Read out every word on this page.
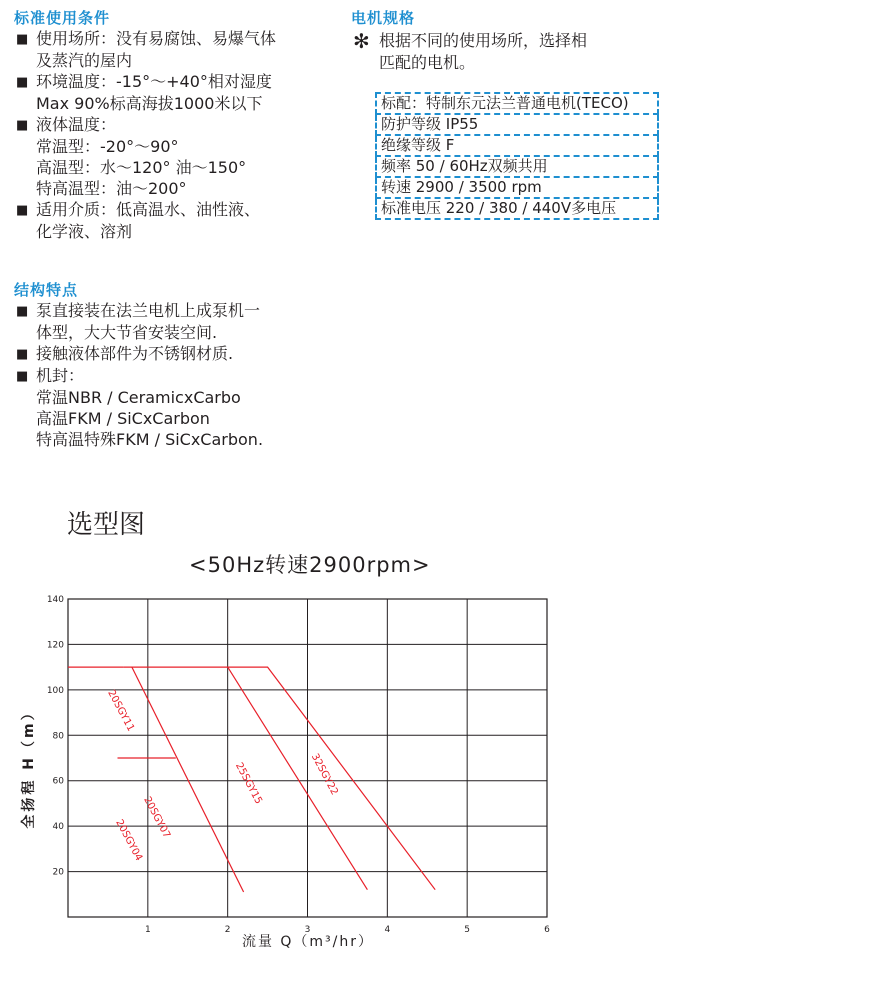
标准使用条件
■ 使用场所：没有易腐蚀、易爆气体
及蒸汽的屋内
■ 环境温度：-15°～+40°相对湿度
Max 90%标高海拔1000米以下
■ 液体温度：
常温型：-20°～90°
高温型：水～120° 油～150°
特高温型：油～200°
■ 适用介质：低高温水、油性液、
化学液、溶剂
结构特点
■ 泵直接装在法兰电机上成泵机一
体型，大大节省安装空间.
■ 接触液体部件为不锈钢材质.
■ 机封：
常温NBR / CeramicxCarbo
高温FKM / SiCxCarbon
特高温特殊FKM / SiCxCarbon.
电机规格
✻ 根据不同的使用场所，选择相
匹配的电机。
标配：特制东元法兰普通电机(TECO)
防护等级 IP55
绝缘等级 F
频率 50 / 60Hz双频共用
转速 2900 / 3500 rpm
标准电压 220 / 380 / 440V多电压
选型图
<50Hz转速2900rpm>
20SGY11
20SGY07
20SGY04
25SGY15	32SGY22
1	2	3	4	5	6
20
40
60
80
100
120
140
全扬程 H（m）
流量 Q（m³/hr）
